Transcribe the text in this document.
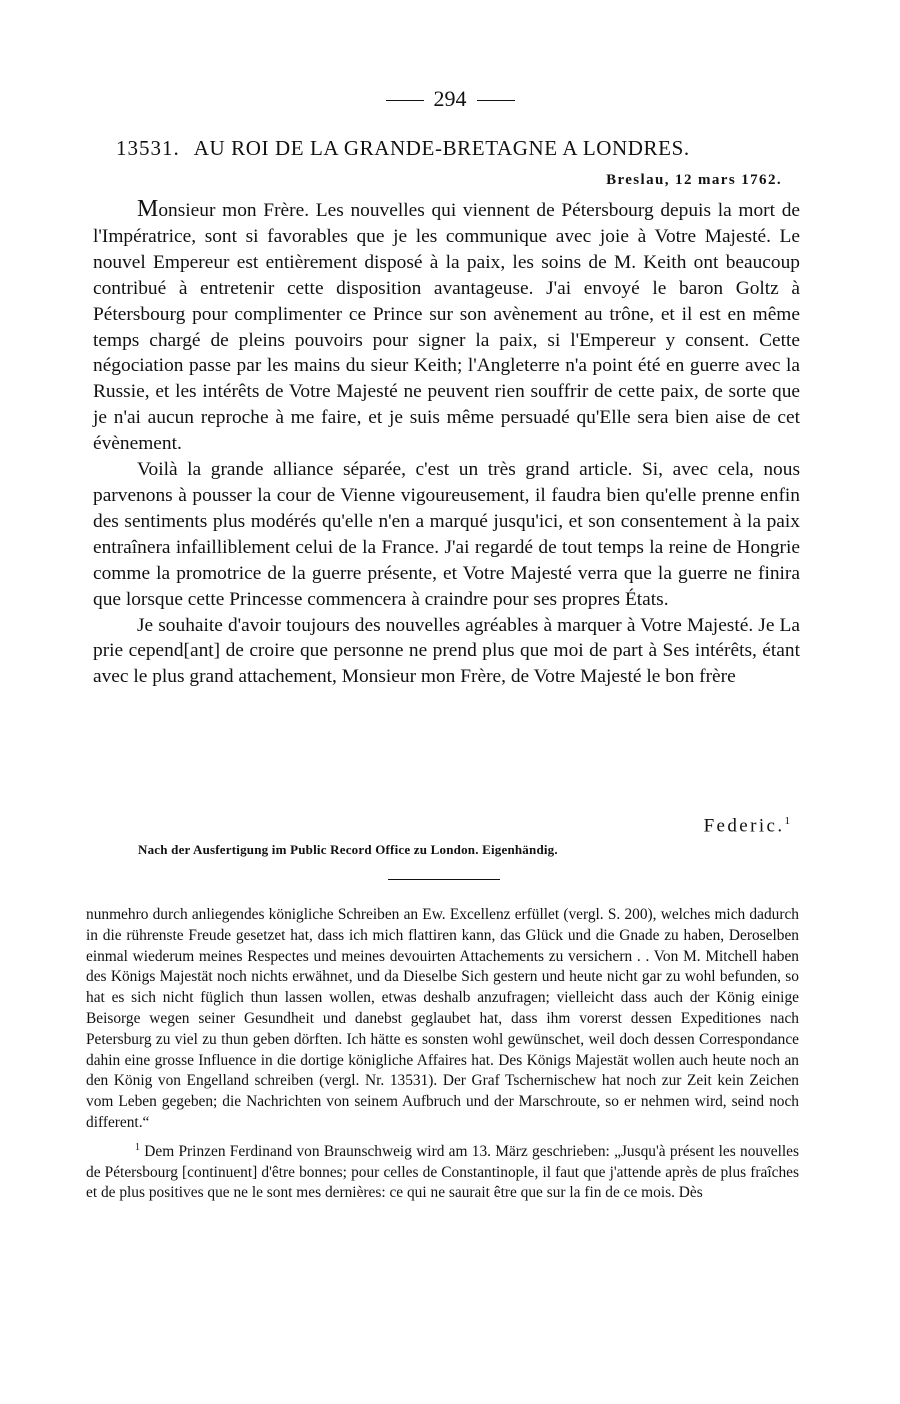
294
13531. AU ROI DE LA GRANDE-BRETAGNE A LONDRES.
Breslau, 12 mars 1762.

Monsieur mon Frère. Les nouvelles qui viennent de Pétersbourg depuis la mort de l'Impératrice, sont si favorables que je les communique avec joie à Votre Majesté. Le nouvel Empereur est entièrement disposé à la paix, les soins de M. Keith ont beaucoup contribué à entretenir cette disposition avantageuse. J'ai envoyé le baron Goltz à Pétersbourg pour complimenter ce Prince sur son avènement au trône, et il est en même temps chargé de pleins pouvoirs pour signer la paix, si l'Empereur y consent. Cette négociation passe par les mains du sieur Keith; l'Angleterre n'a point été en guerre avec la Russie, et les intérêts de Votre Majesté ne peuvent rien souffrir de cette paix, de sorte que je n'ai aucun reproche à me faire, et je suis même persuadé qu'Elle sera bien aise de cet évènement.

Voilà la grande alliance séparée, c'est un très grand article. Si, avec cela, nous parvenons à pousser la cour de Vienne vigoureusement, il faudra bien qu'elle prenne enfin des sentiments plus modérés qu'elle n'en a marqué jusqu'ici, et son consentement à la paix entraînera infailliblement celui de la France. J'ai regardé de tout temps la reine de Hongrie comme la promotrice de la guerre présente, et Votre Majesté verra que la guerre ne finira que lorsque cette Princesse commencera à craindre pour ses propres États.

Je souhaite d'avoir toujours des nouvelles agréables à marquer à Votre Majesté. Je La prie cepend[ant] de croire que personne ne prend plus que moi de part à Ses intérêts, étant avec le plus grand attachement, Monsieur mon Frère, de Votre Majesté le bon frère

Federic.$^1$
Nach der Ausfertigung im Public Record Office zu London. Eigenhändig.

nunmehro durch anliegendes königliche Schreiben an Ew. Excellenz erfüllet (vergl. S. 200), welches mich dadurch in die rührenste Freude gesetzet hat, dass ich mich flattiren kann, das Glück und die Gnade zu haben, Deroselben einmal wiederum meines Respectes und meines devouirten Attachements zu versichern . . Von M. Mitchell haben des Königs Majestät noch nichts erwähnet, und da Dieselbe Sich gestern und heute nicht gar zu wohl befunden, so hat es sich nicht füglich thun lassen wollen, etwas deshalb anzufragen; vielleicht dass auch der König einige Beisorge wegen seiner Gesundheit und danebst geglaubet hat, dass ihm vorerst dessen Expeditiones nach Petersburg zu viel zu thun geben dörften. Ich hätte es sonsten wohl gewünschet, weil doch dessen Correspondance dahin eine grosse Influence in die dortige königliche Affaires hat. Des Königs Majestät wollen auch heute noch an den König von Engelland schreiben (vergl. Nr. 13531). Der Graf Tschernischew hat noch zur Zeit kein Zeichen vom Leben gegeben; die Nachrichten von seinem Aufbruch und der Marschroute, so er nehmen wird, seind noch different.“

$^1$ Dem Prinzen Ferdinand von Braunschweig wird am 13. März geschrieben: „Jusqu'à présent les nouvelles de Pétersbourg [continuent] d'être bonnes; pour celles de Constantinople, il faut que j'attende après de plus fraîches et de plus positives que ne le sont mes dernières: ce qui ne saurait être que sur la fin de ce mois. Dès
